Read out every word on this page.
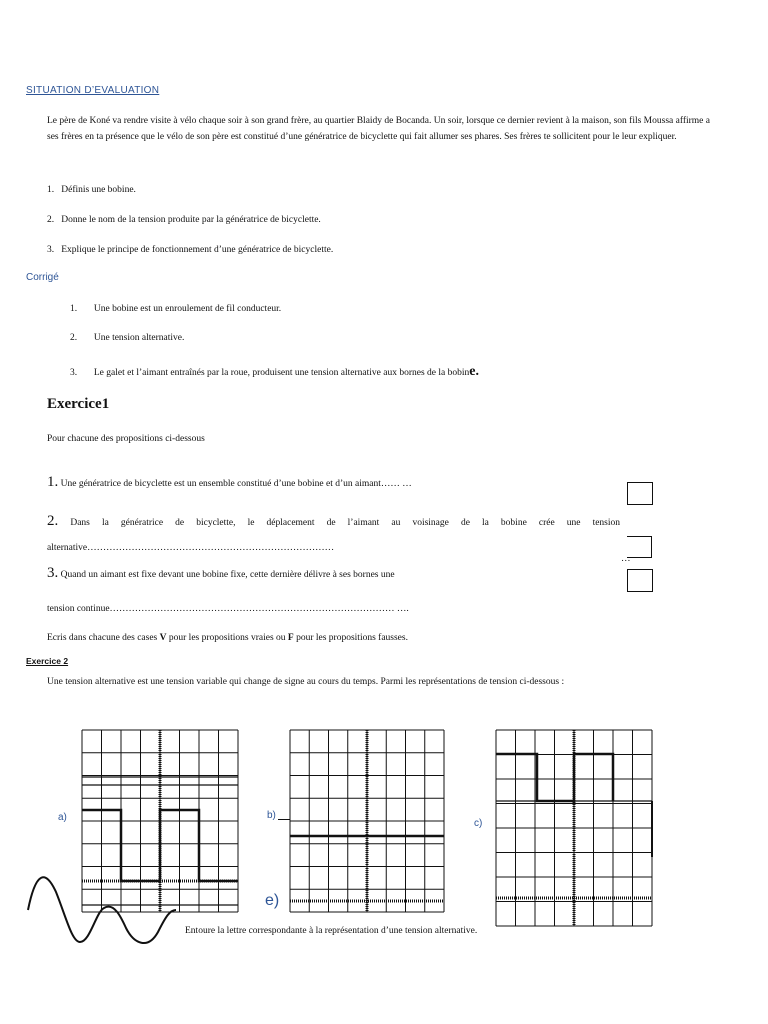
SITUATION D’EVALUATION
Le père de Koné va rendre visite à vélo chaque soir à son grand frère, au quartier Blaidy de Bocanda. Un soir, lorsque ce dernier revient à la maison, son fils Moussa affirme a ses frères en ta présence que le vélo de son père est constitué d’une génératrice de bicyclette qui fait allumer ses phares. Ses frères te sollicitent pour le leur expliquer.
1. Définis une bobine.
2. Donne le nom de la tension produite par la génératrice de bicyclette.
3. Explique le principe de fonctionnement d’une génératrice de bicyclette.
Corrigé
1. Une bobine est un enroulement de fil conducteur.
2. Une tension alternative.
3. Le galet et l’aimant entraînés par la roue, produisent une tension alternative aux bornes de la bobine.
Exercice1
Pour chacune des propositions ci-dessous
1. Une génératrice de bicyclette est un ensemble constitué d’une bobine et d’un aimant…… …
2. Dans la génératrice de bicyclette, le déplacement de l’aimant au voisinage de la bobine crée une tension
alternative……………………………………………………………………
3. Quand un aimant est fixe devant une bobine fixe, cette dernière délivre à ses bornes une
tension continue……………………………………………………………………………… ….
…
Ecris dans chacune des cases V pour les propositions vraies ou F pour les propositions fausses.
Exercice 2
Une tension alternative est une tension variable qui change de signe au cours du temps. Parmi les représentations de tension ci-dessous :
a)	b)
c)
e)
Entoure la lettre correspondante à la représentation d’une tension alternative.
